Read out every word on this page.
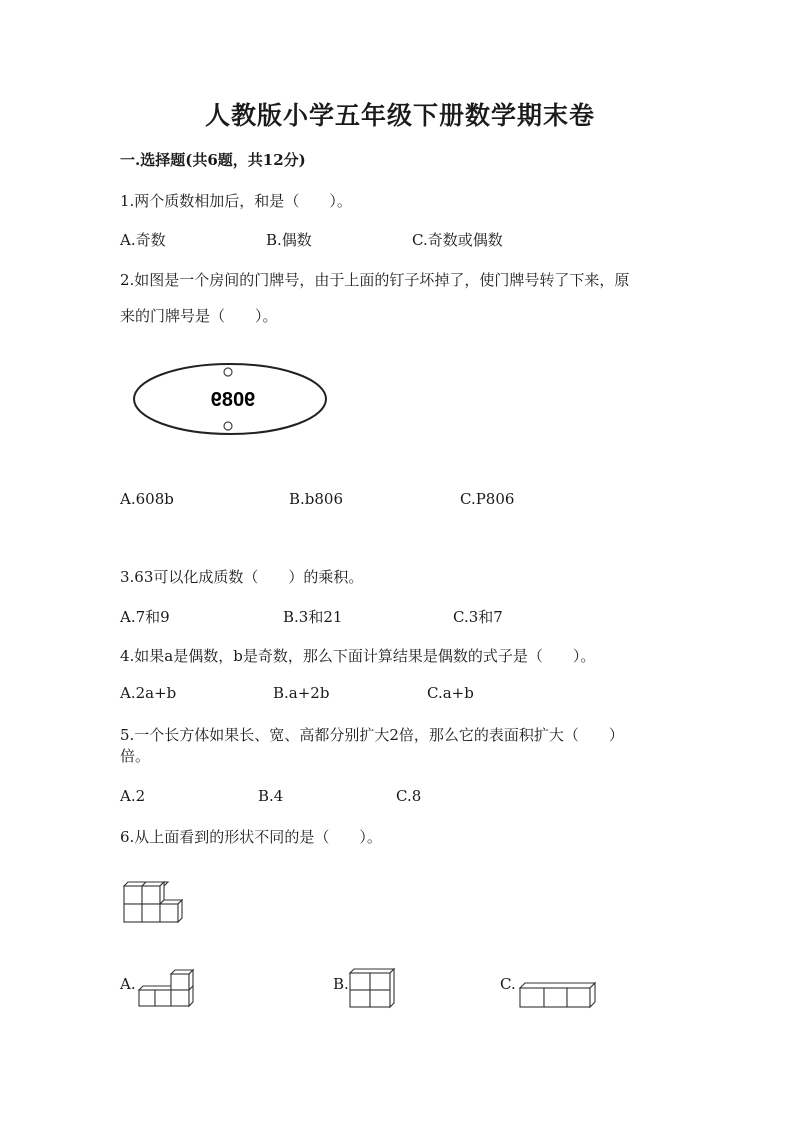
人教版小学五年级下册数学期末卷
一.选择题(共6题，共12分)
1.两个质数相加后，和是（　　）。
A.奇数	B.偶数	C.奇数或偶数
2.如图是一个房间的门牌号，由于上面的钉子坏掉了，使门牌号转了下来，原
来的门牌号是（　　）。
9089
A.608b	B.b806	C.P806
3.63可以化成质数（　　）的乘积。
A.7和9	B.3和21	C.3和7
4.如果a是偶数，b是奇数，那么下面计算结果是偶数的式子是（　　）。
A.2a+b	B.a+2b	C.a+b
5.一个长方体如果长、宽、高都分别扩大2倍，那么它的表面积扩大（　　）
倍。
A.2	B.4	C.8
6.从上面看到的形状不同的是（　　）。
A.	B.	C.
